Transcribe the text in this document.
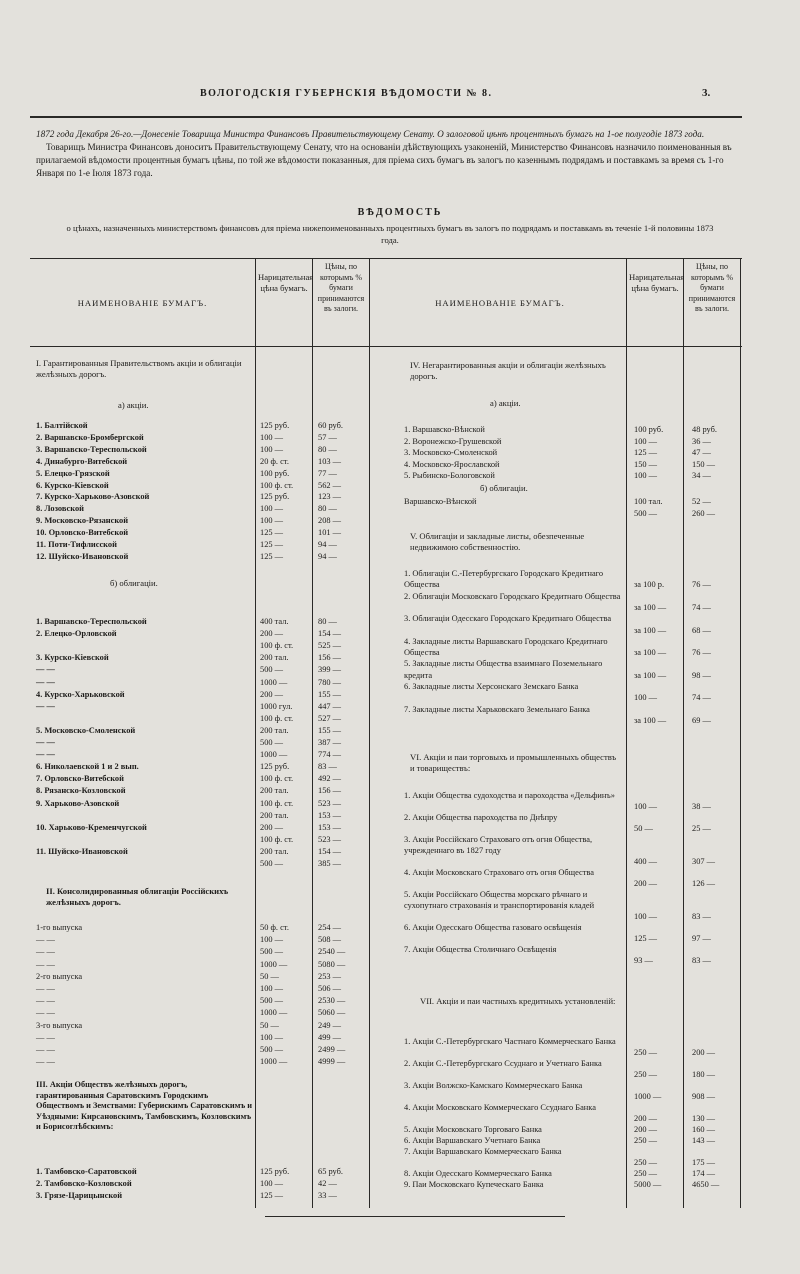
ВОЛОГОДСКІЯ ГУБЕРНСКІЯ ВѢДОМОСТИ № 8.	3.

1872 года Декабря 26-го.—Донесеніе Товарища Министра Финансовъ Правительствующему Сенату. О залоговой цѣнѣ процентныхъ бумагъ на 1-ое полугодіе 1873 года.

Товарищъ Министра Финансовъ доноситъ Правительствующему Сенату, что на основаніи дѣйствующихъ узаконеній, Министерство Финансовъ назначило поименованныя въ прилагаемой вѣдомости процентныя бумагъ цѣны, по той же вѣдомости показанныя, для пріема сихъ бумагъ въ залогъ по казеннымъ подрядамъ и поставкамъ за время съ 1-го Января по 1-е Іюля 1873 года.

ВѢДОМОСТЬ
о цѣнахъ, назначенныхъ министерствомъ финансовъ для пріема нижепоименованныхъ процентныхъ бумагъ въ залогъ по подрядамъ и поставкамъ въ теченіе 1-й половины 1873 года.
НАИМЕНОВАНІЕ БУМАГЪ.
Нарицательная цѣна бумагъ.
Цѣны, по которымъ % бумаги принимаются въ залоги.
НАИМЕНОВАНІЕ БУМАГЪ.
Нарицательная цѣна бумагъ.
Цѣны, по которымъ % бумаги принимаются въ залоги.
I. Гарантированныя Правительствомъ акціи и облигаціи желѣзныхъ дорогъ.
а) акціи.
1. Балтійской	125 руб.	60 руб.
2. Варшавско-Бромбергской	100 —	57 —
3. Варшавско-Тереспольской	100 —	80 —
4. Динабурго-Витебской	20 ф. ст.	103 —
5. Елецко-Грязской	100 руб.	77 —
6. Курско-Кіевской	100 ф. ст.	562 —
7. Курско-Харьково-Азовской	125 руб.	123 —
8. Лозовской	100 —	80 —
9. Московско-Рязанской	100 —	208 —
10. Орловско-Витебской	125 —	101 —
11. Поти-Тифлисской	125 —	94 —
12. Шуйско-Ивановской	125 —	94 —
б) облигаціи.
1. Варшавско-Тереспольской	400 тал.	80 —
2. Елецко-Орловской	200 —	154 —
100 ф. ст.	525 —
3. Курско-Кіевской	200 тал.	156 —
— —	500 —	399 —
— —	1000 —	780 —
4. Курско-Харьковской	200 —	155 —
— —	1000 гул.	447 —
100 ф. ст.	527 —
5. Московско-Смоленской	200 тал.	155 —
— —	500 —	387 —
— —	1000 —	774 —
6. Николаевской 1 и 2 вып.	125 руб.	83 —
7. Орловско-Витебской	100 ф. ст.	492 —
8. Рязанско-Козловской	200 тал.	156 —
9. Харьково-Азовской	100 ф. ст.	523 —
200 тал.	153 —
10. Харьково-Кременчугской	200 —	153 —
100 ф. ст.	523 —
11. Шуйско-Ивановской	200 тал.	154 —
500 —	385 —
II. Консолидированныя облигаціи Россійскихъ желѣзныхъ дорогъ.
1-го выпуска	50 ф. ст.	254 —
— —	100 —	508 —
— —	500 —	2540 —
— —	1000 —	5080 —
2-го выпуска	50 —	253 —
— —	100 —	506 —
— —	500 —	2530 —
— —	1000 —	5060 —
3-го выпуска	50 —	249 —
— —	100 —	499 —
— —	500 —	2499 —
— —	1000 —	4999 —
III. Акціи Обществъ желѣзныхъ дорогъ, гарантированныя Саратовскимъ Городскимъ Обществомъ и Земствами: Губерискимъ Саратовскимъ и Уѣздными: Кирсановскимъ, Тамбовскимъ, Козловскимъ и Борисоглѣбскимъ:
1. Тамбовско-Саратовской	125 руб.	65 руб.
2. Тамбовско-Козловской	100 —	42 —
3. Грязе-Царицынской	125 —	33 —
IV. Негарантированныя акціи и облигаціи желѣзныхъ дорогъ.
а) акціи.
1. Варшавско-Вѣнской	100 руб.	48 руб.
2. Воронежско-Грушевской	100 —	36 —
3. Московско-Смоленской	125 —	47 —
4. Московско-Ярославской	150 —	150 —
5. Рыбинско-Бологовской	100 —	34 —
б) облигаціи.
Варшавско-Вѣнской	100 тал.	52 —
500 —	260 —
V. Облигаціи и закладные листы, обезпеченные недвижимою собственностію.
1. Облигаціи С.-Петербургскаго Городскаго Кредитнаго Общества	за 100 р.	76 —
2. Облигаціи Московскаго Городскаго Кредитнаго Общества
за 100 —	74 —
3. Облигаціи Одесскаго Городскаго Кредитнаго Общества
за 100 —	68 —
4. Закладные листы Варшавскаго Городскаго Кредитнаго Общества	за 100 —	76 —
5. Закладные листы Общества взаимнаго Поземельнаго кредита	за 100 —	98 —
6. Закладные листы Херсонскаго Земскаго Банка
100 —	74 —
7. Закладные листы Харьковскаго Земельнаго Банка
за 100 —	69 —
VI. Акціи и паи торговыхъ и промышленныхъ обществъ и товариществъ:
1. Акціи Общества судоходства и пароходства «Дельфинъ»
100 —	38 —
2. Акціи Общества пароходства по Днѣпру
50 —	25 —
3. Акціи Россійскаго Страховаго отъ огня Общества, учрежденнаго въ 1827 году
400 —	307 —
4. Акціи Московскаго Страховаго отъ огня Общества
200 —	126 —
5. Акціи Россійскаго Общества морскаго рѣчнаго и сухопутнаго страхованія и транспортированія кладей
100 —	83 —
6. Акціи Одесскаго Общества газоваго освѣщенія
125 —	97 —
7. Акціи Общества Столичнаго Освѣщенія
93 —	83 —
VII. Акціи и паи частныхъ кредитныхъ установленій:
1. Акціи С.-Петербургскаго Частнаго Коммерческаго Банка
250 —	200 —
2. Акціи С.-Петербургскаго Ссуднаго и Учетнаго Банка
250 —	180 —
3. Акціи Волжско-Камскаго Коммерческаго Банка
1000 —	908 —
4. Акціи Московскаго Коммерческаго Ссуднаго Банка
200 —	130 —
5. Акціи Московскаго Торговаго Банка	200 —	160 —
6. Акціи Варшавскаго Учетнаго Банка	250 —	143 —
7. Акціи Варшавскаго Коммерческаго Банка
250 —	175 —
8. Акціи Одесскаго Коммерческаго Банка	250 —	174 —
9. Паи Московскаго Купеческаго Банка	5000 —	4650 —
